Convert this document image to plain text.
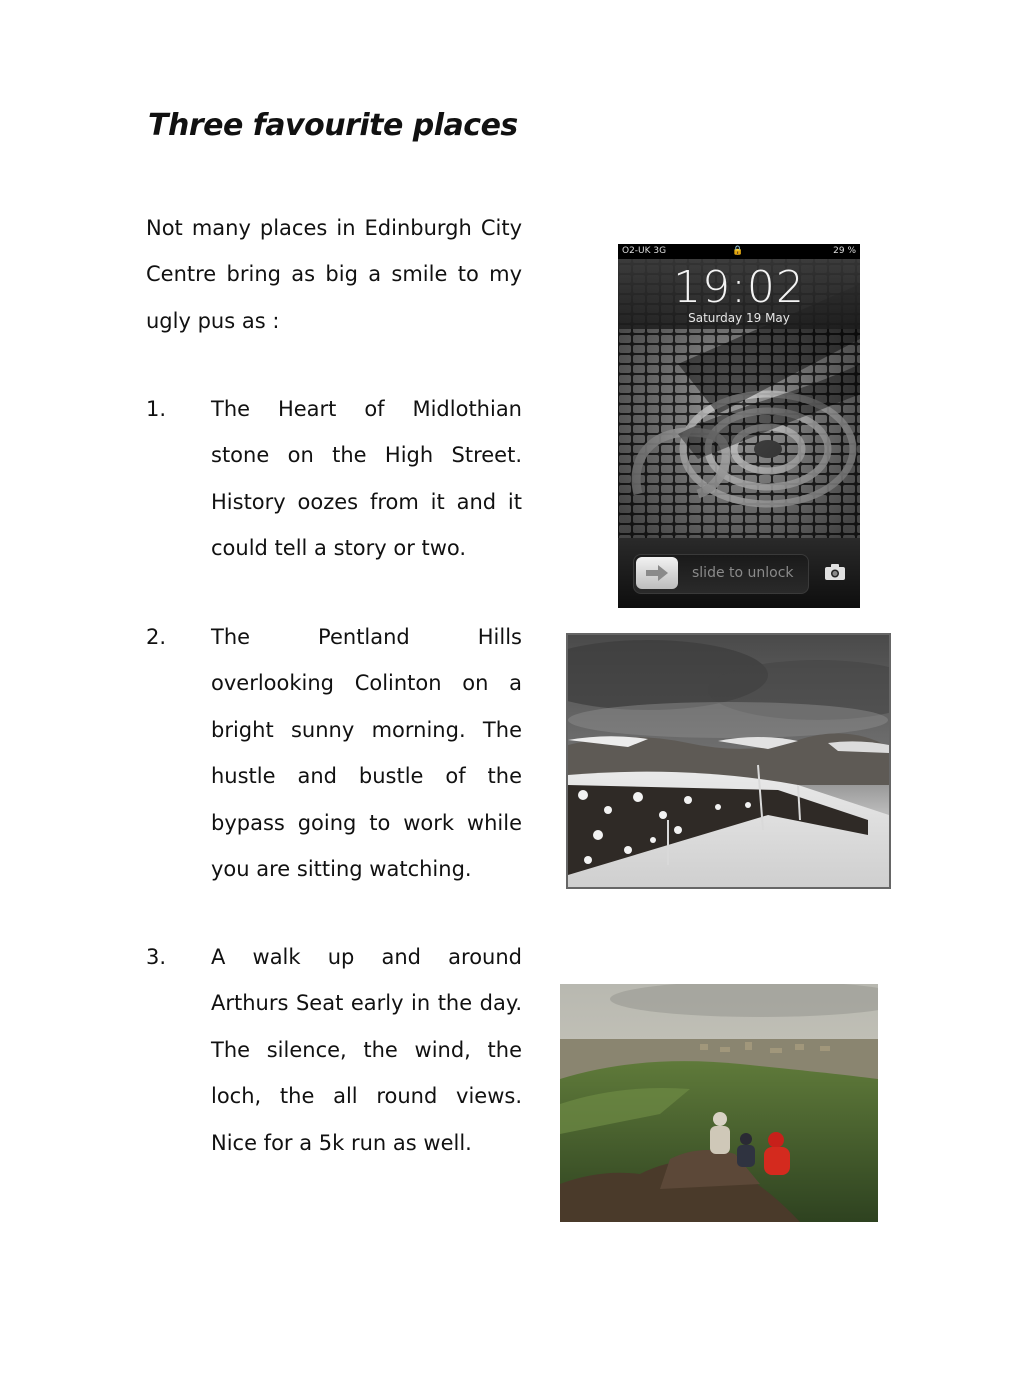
Three favourite places
Not many places in Edinburgh City Centre bring as big a smile to my ugly pus as :
1. The Heart of Midlothian stone on the High Street. History oozes from it and it could tell a story or two.
2. The Pentland Hills overlooking Colinton on a bright sunny morning. The hustle and bustle of the bypass going to work while you are sitting watching.
3. A walk up and around Arthurs Seat early in the day. The silence, the wind, the loch, the all round views. Nice for a 5k run as well.
O2-UK 3G	🔒	29 %
19:02
Saturday 19 May
slide to unlock
